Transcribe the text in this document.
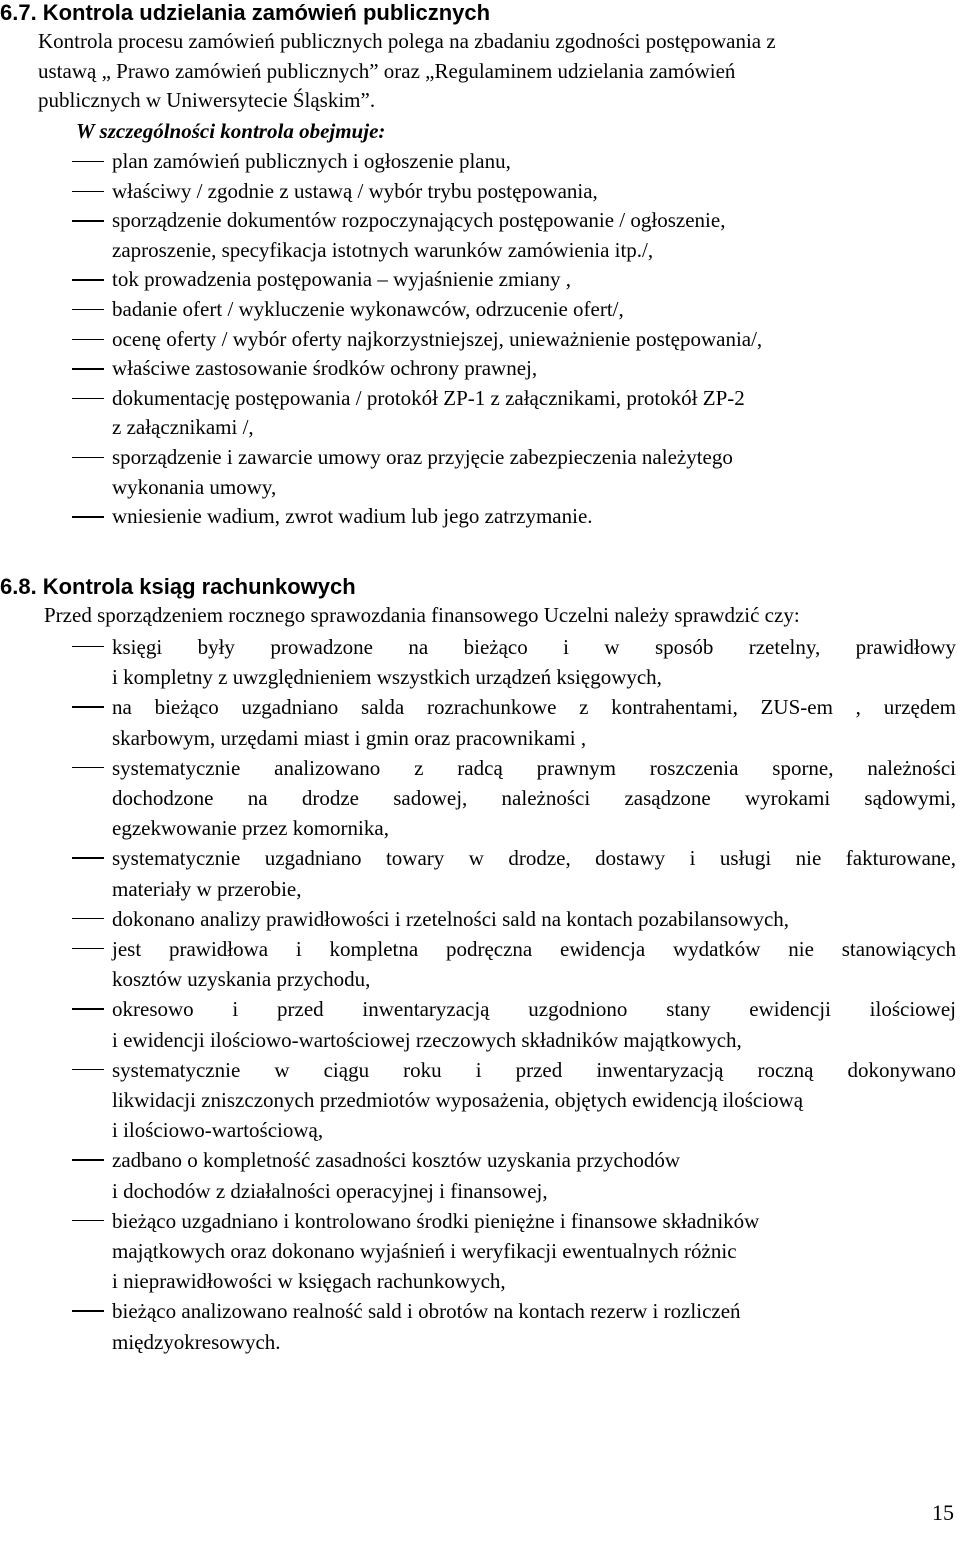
6.7. Kontrola udzielania zamówień publicznych
Kontrola procesu zamówień publicznych polega na zbadaniu zgodności postępowania z
ustawą „ Prawo zamówień publicznych” oraz „Regulaminem udzielania zamówień
publicznych w Uniwersytecie Śląskim”.
W szczególności kontrola obejmuje:
plan zamówień publicznych i ogłoszenie planu,
właściwy / zgodnie z ustawą / wybór trybu postępowania,
sporządzenie dokumentów rozpoczynających postępowanie / ogłoszenie,
zaproszenie, specyfikacja istotnych warunków zamówienia itp./,
tok prowadzenia postępowania – wyjaśnienie zmiany ,
badanie ofert / wykluczenie wykonawców, odrzucenie ofert/,
ocenę oferty / wybór oferty najkorzystniejszej, unieważnienie postępowania/,
właściwe zastosowanie środków ochrony prawnej,
dokumentację postępowania / protokół ZP-1 z załącznikami, protokół ZP-2
z załącznikami /,
sporządzenie i zawarcie umowy oraz przyjęcie zabezpieczenia należytego
wykonania umowy,
wniesienie wadium, zwrot wadium lub jego zatrzymanie.
6.8. Kontrola ksiąg rachunkowych
Przed sporządzeniem rocznego sprawozdania finansowego Uczelni należy sprawdzić czy:
księgi były prowadzone na bieżąco i w sposób rzetelny, prawidłowy
i kompletny z uwzględnieniem wszystkich urządzeń księgowych,
na bieżąco uzgadniano salda rozrachunkowe z kontrahentami, ZUS-em , urzędem
skarbowym, urzędami miast i gmin oraz pracownikami ,
systematycznie analizowano z radcą prawnym roszczenia sporne, należności
dochodzone na drodze sadowej, należności zasądzone wyrokami sądowymi,
egzekwowanie przez komornika,
systematycznie uzgadniano towary w drodze, dostawy i usługi nie fakturowane,
materiały w przerobie,
dokonano analizy prawidłowości i rzetelności sald na kontach pozabilansowych,
jest prawidłowa i kompletna podręczna ewidencja wydatków nie stanowiących
kosztów uzyskania przychodu,
okresowo i przed inwentaryzacją uzgodniono stany ewidencji ilościowej
i ewidencji ilościowo-wartościowej rzeczowych składników majątkowych,
systematycznie w ciągu roku i przed inwentaryzacją roczną dokonywano
likwidacji zniszczonych przedmiotów wyposażenia, objętych ewidencją ilościową
i ilościowo-wartościową,
zadbano o kompletność zasadności kosztów uzyskania przychodów
i dochodów z działalności operacyjnej i finansowej,
bieżąco uzgadniano i kontrolowano środki pieniężne i finansowe składników
majątkowych oraz dokonano wyjaśnień i weryfikacji ewentualnych różnic
i nieprawidłowości w księgach rachunkowych,
bieżąco analizowano realność sald i obrotów na kontach rezerw i rozliczeń
międzyokresowych.
15
